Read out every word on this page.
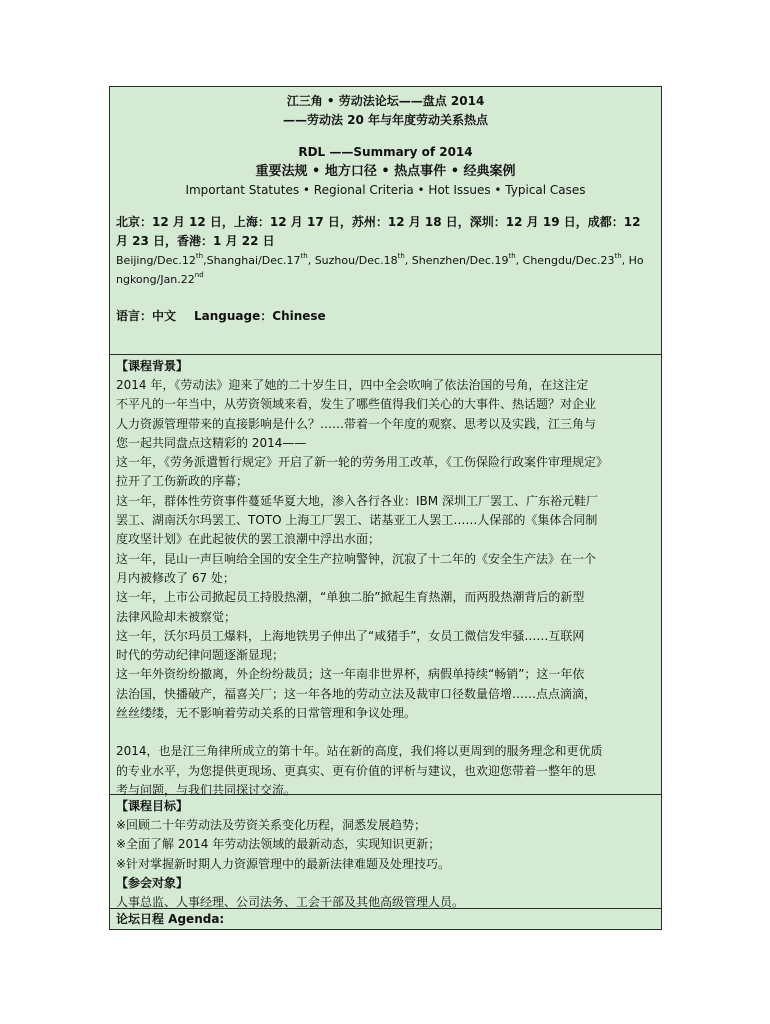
江三角 • 劳动法论坛——盘点 2014
——劳动法 20 年与年度劳动关系热点
RDL ——Summary of 2014
重要法规 • 地方口径 • 热点事件 • 经典案例
Important Statutes • Regional Criteria • Hot Issues • Typical Cases
北京：12 月 12 日，上海：12 月 17 日，苏州：12 月 18 日，深圳：12 月 19 日，成都：12
月 23 日，香港：1 月 22 日
Beijing/Dec.12th,Shanghai/Dec.17th, Suzhou/Dec.18th, Shenzhen/Dec.19th, Chengdu/Dec.23th, Ho
ngkong/Jan.22nd
语言：中文 Language：Chinese
【课程背景】
2014 年，《劳动法》迎来了她的二十岁生日，四中全会吹响了依法治国的号角，在这注定
不平凡的一年当中，从劳资领域来看，发生了哪些值得我们关心的大事件、热话题？对企业
人力资源管理带来的直接影响是什么？……带着一个年度的观察、思考以及实践，江三角与
您一起共同盘点这精彩的 2014——
这一年，《劳务派遣暂行规定》开启了新一轮的劳务用工改革，《工伤保险行政案件审理规定》
拉开了工伤新政的序幕；
这一年，群体性劳资事件蔓延华夏大地，渗入各行各业：IBM 深圳工厂罢工、广东裕元鞋厂
罢工、湖南沃尔玛罢工、TOTO 上海工厂罢工、诺基亚工人罢工……人保部的《集体合同制
度攻坚计划》在此起彼伏的罢工浪潮中浮出水面；
这一年，昆山一声巨响给全国的安全生产拉响警钟，沉寂了十二年的《安全生产法》在一个
月内被修改了 67 处；
这一年，上市公司掀起员工持股热潮，“单独二胎”掀起生育热潮，而两股热潮背后的新型
法律风险却未被察觉；
这一年，沃尔玛员工爆料，上海地铁男子伸出了“咸猪手”，女员工微信发牢骚……互联网
时代的劳动纪律问题逐渐显现；
这一年外资纷纷撤离，外企纷纷裁员；这一年南非世界杯，病假单持续“畅销”；这一年依
法治国，快播破产，福喜关厂；这一年各地的劳动立法及裁审口径数量倍增……点点滴滴，
丝丝缕缕，无不影响着劳动关系的日常管理和争议处理。
2014，也是江三角律所成立的第十年。站在新的高度，我们将以更周到的服务理念和更优质
的专业水平，为您提供更现场、更真实、更有价值的评析与建议，也欢迎您带着一整年的思
考与问题，与我们共同探讨交流。
【课程目标】
※回顾二十年劳动法及劳资关系变化历程，洞悉发展趋势；
※全面了解 2014 年劳动法领域的最新动态，实现知识更新；
※针对掌握新时期人力资源管理中的最新法律难题及处理技巧。
【参会对象】
人事总监、人事经理、公司法务、工会干部及其他高级管理人员。
论坛日程 Agenda:
